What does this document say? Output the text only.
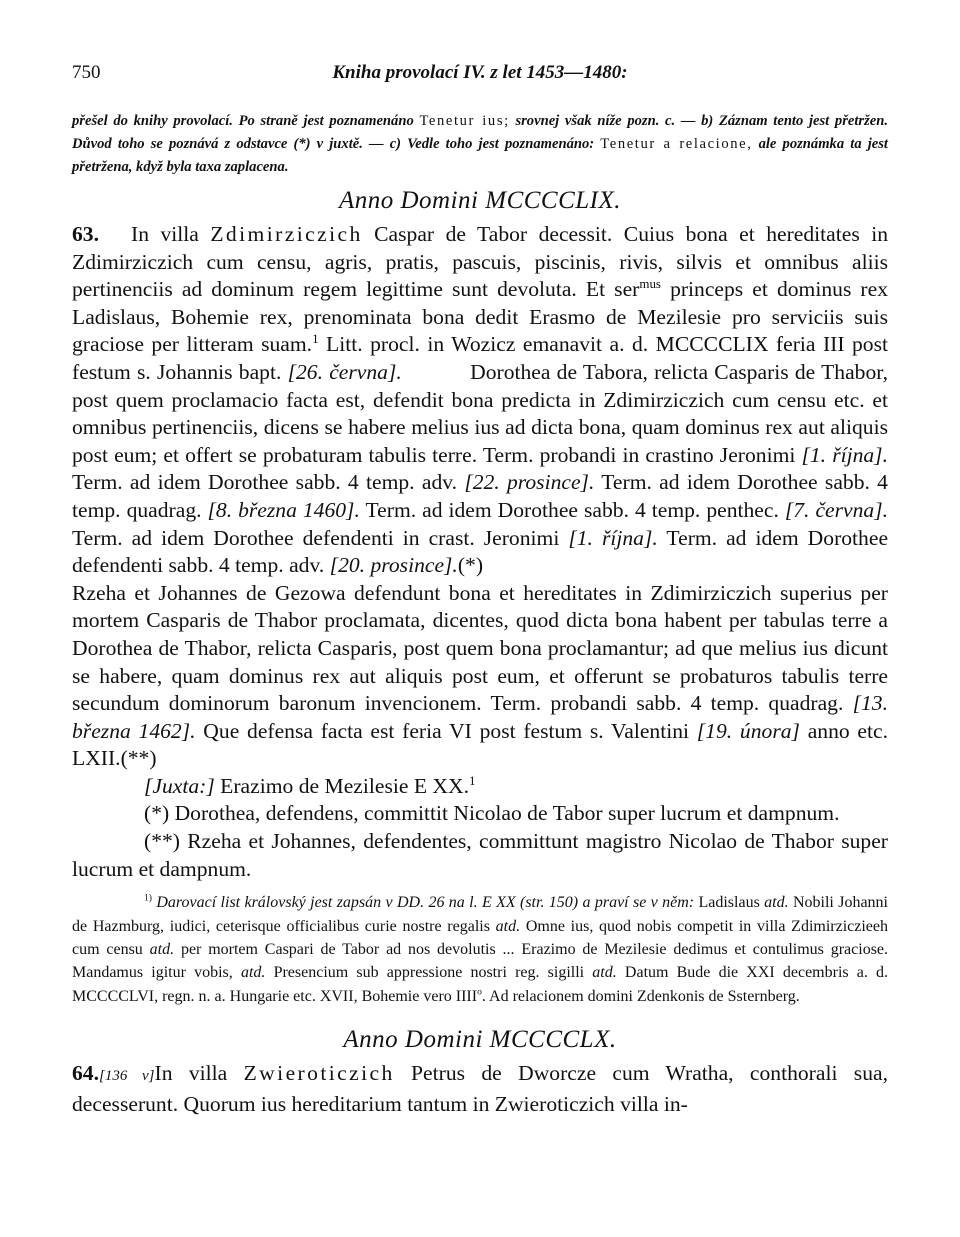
750	Kniha provolací IV. z let 1453—1480:
přešel do knihy provolací. Po straně jest poznamenáno Tenetur ius; srovnej však níže pozn. c. — b) Záznam tento jest přetržen. Důvod toho se poznává z odstavce (*) v juxtě. — c) Vedle toho jest poznamenáno: Tenetur a relacione, ale poznámka ta jest přetržena, když byla taxa zaplacena.
Anno Domini MCCCCLIX.

63. In villa Zdimirziczich Caspar de Tabor decessit. Cuius bona et hereditates in Zdimirziczich cum censu, agris, pratis, pascuis, piscinis, rivis, silvis et omnibus aliis pertinenciis ad dominum regem legittime sunt devoluta. Et ser$^{mus}$ princeps et dominus rex Ladislaus, Bohemie rex, prenominata bona dedit Erasmo de Mezilesie pro serviciis suis graciose per litteram suam.$^1$ Litt. procl. in Wozicz emanavit a. d. MCCCCLIX feria III post festum s. Johannis bapt. [26. června].	Dorothea de Tabora, relicta Casparis de Thabor, post quem proclamacio facta est, defendit bona predicta in Zdimirziczich cum censu etc. et omnibus pertinenciis, dicens se habere melius ius ad dicta bona, quam dominus rex aut aliquis post eum; et offert se probaturam tabulis terre. Term. probandi in crastino Jeronimi [1. října]. Term. ad idem Dorothee sabb. 4 temp. adv. [22. prosince]. Term. ad idem Dorothee sabb. 4 temp. quadrag. [8. března 1460]. Term. ad idem Dorothee sabb. 4 temp. penthec. [7. června]. Term. ad idem Dorothee defendenti in crast. Jeronimi [1. října]. Term. ad idem Dorothee defendenti sabb. 4 temp. adv. [20. prosince].(*)

Rzeha et Johannes de Gezowa defendunt bona et hereditates in Zdimirziczich superius per mortem Casparis de Thabor proclamata, dicentes, quod dicta bona habent per tabulas terre a Dorothea de Thabor, relicta Casparis, post quem bona proclamantur; ad que melius ius dicunt se habere, quam dominus rex aut aliquis post eum, et offerunt se probaturos tabulis terre secundum dominorum baronum invencionem. Term. probandi sabb. 4 temp. quadrag. [13. března 1462]. Que defensa facta est feria VI post festum s. Valentini [19. února] anno etc. LXII.(**)

[Juxta:] Erazimo de Mezilesie E XX.$^1$

(*) Dorothea, defendens, committit Nicolao de Tabor super lucrum et dampnum.

(**) Rzeha et Johannes, defendentes, committunt magistro Nicolao de Thabor super lucrum et dampnum.

$^{1)}$ Darovací list královský jest zapsán v DD. 26 na l. E XX (str. 150) a praví se v něm: Ladislaus atd. Nobili Johanni de Hazmburg, iudici, ceterisque officialibus curie nostre regalis atd. Omne ius, quod nobis competit in villa Zdimirziczieeh cum censu atd. per mortem Caspari de Tabor ad nos devolutis ... Erazimo de Mezilesie dedimus et contulimus graciose. Mandamus igitur vobis, atd. Presencium sub appressione nostri reg. sigilli atd. Datum Bude die XXI decembris a. d. MCCCCLVI, regn. n. a. Hungarie etc. XVII, Bohemie vero IIII$^o$. Ad relacionem domini Zdenkonis de Ssternberg.

Anno Domini MCCCCLX.

64.[136 v]In villa Zwieroticzich Petrus de Dworcze cum Wratha, conthorali sua, decesserunt. Quorum ius hereditarium tantum in Zwieroticzich villa in-
